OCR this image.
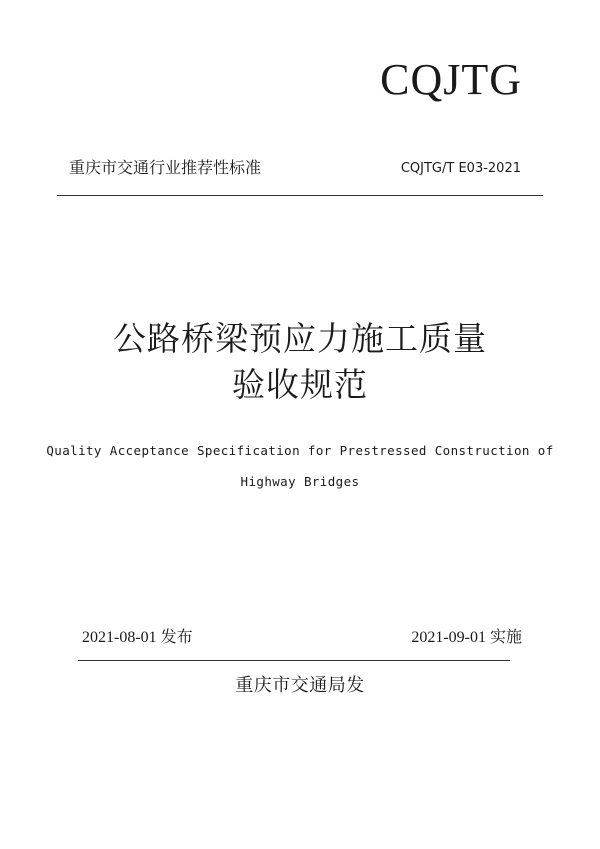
CQJTG
重庆市交通行业推荐性标准	CQJTG/T E03-2021
公路桥梁预应力施工质量
验收规范
Quality Acceptance Specification for Prestressed Construction of
Highway Bridges
2021-08-01 发布	2021-09-01 实施
重庆市交通局发
